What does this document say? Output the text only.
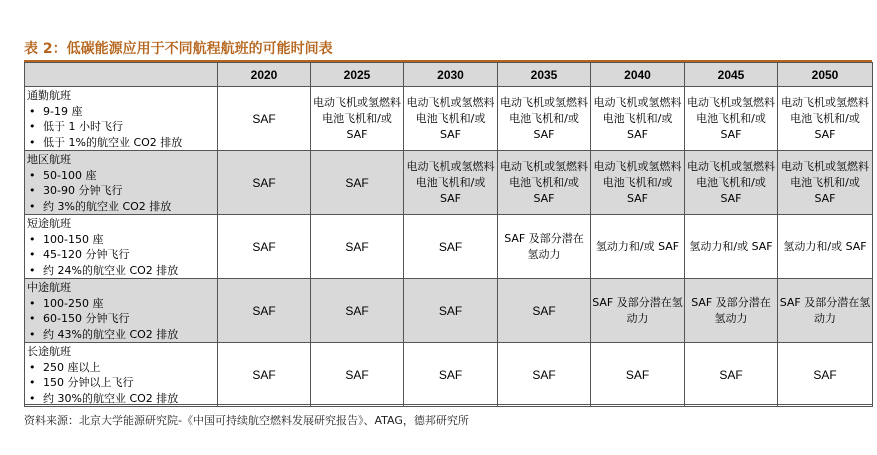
表 2：低碳能源应用于不同航程航班的可能时间表
	2020	2025	2030	2035	2040	2045	2050

通勤航班
• 9-19 座
• 低于 1 小时飞行
• 低于 1%的航空业 CO2 排放	SAF	电动飞机或氢燃料电池飞机和/或 SAF	电动飞机或氢燃料电池飞机和/或 SAF	电动飞机或氢燃料电池飞机和/或 SAF	电动飞机或氢燃料电池飞机和/或 SAF	电动飞机或氢燃料电池飞机和/或 SAF	电动飞机或氢燃料电池飞机和/或 SAF

地区航班
• 50-100 座
• 30-90 分钟飞行
• 约 3%的航空业 CO2 排放	SAF	SAF	电动飞机或氢燃料电池飞机和/或 SAF	电动飞机或氢燃料电池飞机和/或 SAF	电动飞机或氢燃料电池飞机和/或 SAF	电动飞机或氢燃料电池飞机和/或 SAF	电动飞机或氢燃料电池飞机和/或 SAF

短途航班
• 100-150 座
• 45-120 分钟飞行
• 约 24%的航空业 CO2 排放	SAF	SAF	SAF	SAF 及部分潜在氢动力	氢动力和/或 SAF	氢动力和/或 SAF	氢动力和/或 SAF

中途航班
• 100-250 座
• 60-150 分钟飞行
• 约 43%的航空业 CO2 排放	SAF	SAF	SAF	SAF	SAF 及部分潜在氢动力	SAF 及部分潜在氢动力	SAF 及部分潜在氢动力

长途航班
• 250 座以上
• 150 分钟以上飞行
• 约 30%的航空业 CO2 排放	SAF	SAF	SAF	SAF	SAF	SAF	SAF
资料来源：北京大学能源研究院-《中国可持续航空燃料发展研究报告》、ATAG，德邦研究所
